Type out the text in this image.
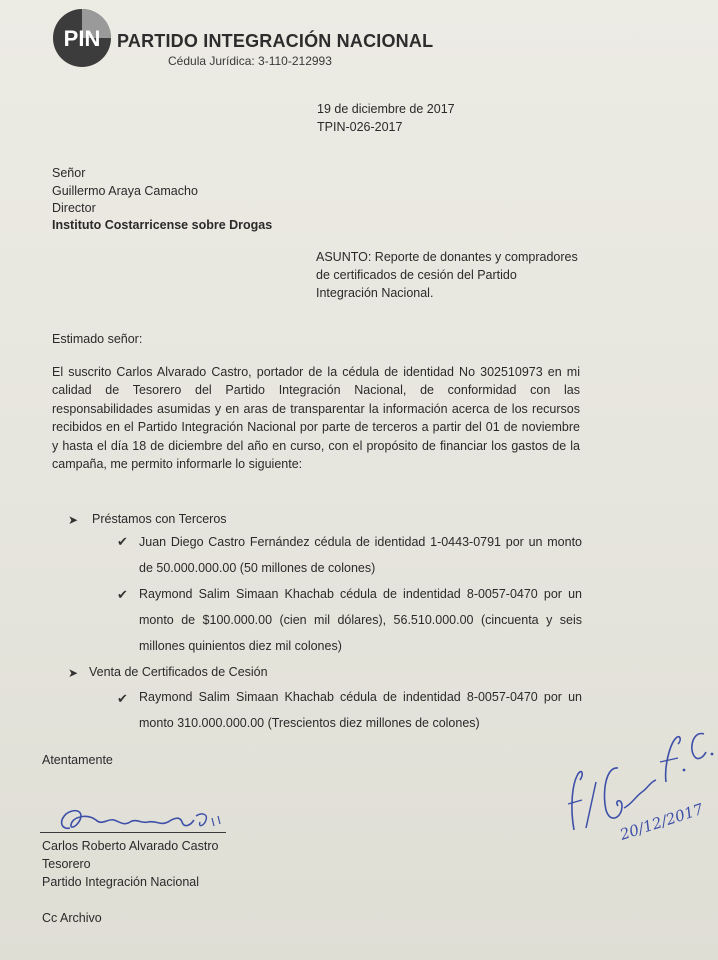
PIN PARTIDO INTEGRACIÓN NACIONAL
Cédula Jurídica: 3-110-212993
19 de diciembre de 2017
TPIN-026-2017
Señor
Guillermo Araya Camacho
Director
Instituto Costarricense sobre Drogas
ASUNTO: Reporte de donantes y compradores de certificados de cesión del Partido Integración Nacional.
Estimado señor:
El suscrito Carlos Alvarado Castro, portador de la cédula de identidad No 302510973 en mi calidad de Tesorero del Partido Integración Nacional, de conformidad con las responsabilidades asumidas y en aras de transparentar la información acerca de los recursos recibidos en el Partido Integración Nacional por parte de terceros a partir del 01 de noviembre y hasta el día 18 de diciembre del año en curso, con el propósito de financiar los gastos de la campaña, me permito informarle lo siguiente:
➤ Préstamos con Terceros
✔ Juan Diego Castro Fernández cédula de identidad 1-0443-0791 por un monto de 50.000.000.00 (50 millones de colones)
✔ Raymond Salim Simaan Khachab cédula de indentidad 8-0057-0470 por un monto de $100.000.00 (cien mil dólares), 56.510.000.00 (cincuenta y seis millones quinientos diez mil colones)
➤ Venta de Certificados de Cesión
✔ Raymond Salim Simaan Khachab cédula de indentidad 8-0057-0470 por un monto 310.000.000.00 (Trescientos diez millones de colones)
Atentamente
Carlos Roberto Alvarado Castro
Tesorero
Partido Integración Nacional
Cc Archivo
20/12/2017
